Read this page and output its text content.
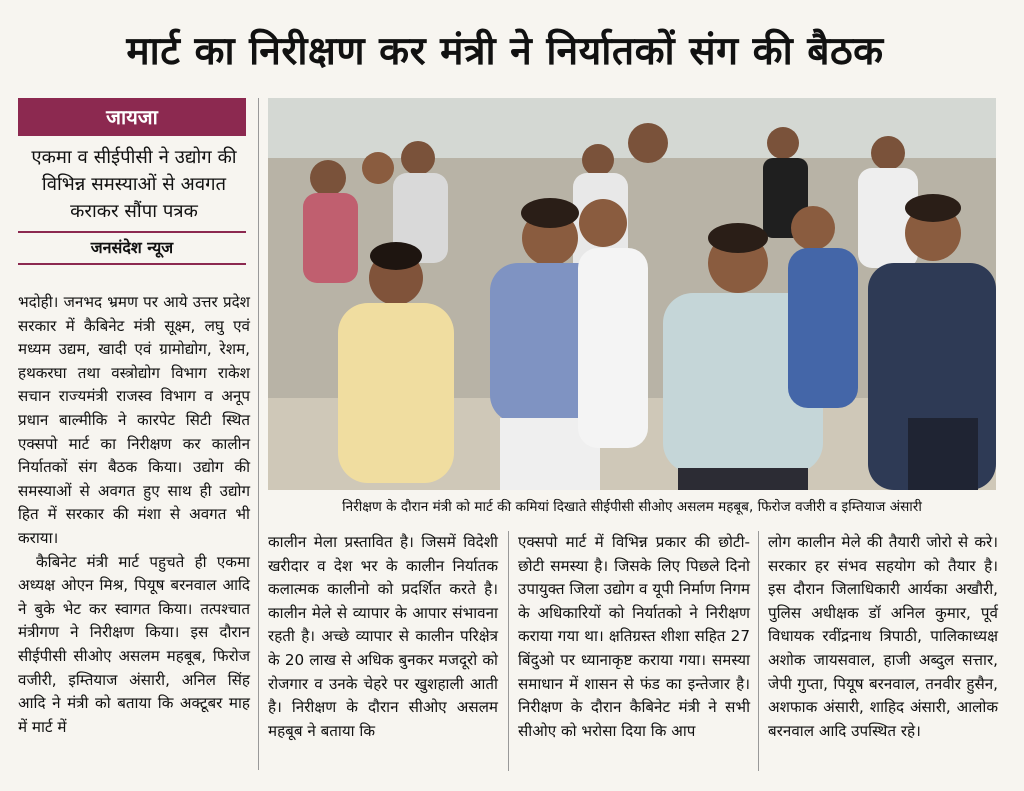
मार्ट का निरीक्षण कर मंत्री ने निर्यातकों संग की बैठक
जायजा
एकमा व सीईपीसी ने उद्योग की विभिन्न समस्याओं से अवगत कराकर सौंपा पत्रक
जनसंदेश न्यूज

भदोही। जनभद भ्रमण पर आये उत्तर प्रदेश सरकार में कैबिनेट मंत्री सूक्ष्म, लघु एवं मध्यम उद्यम, खादी एवं ग्रामोद्योग, रेशम, हथकरघा तथा वस्त्रोद्योग विभाग राकेश सचान राज्यमंत्री राजस्व विभाग व अनूप प्रधान बाल्मीकि ने कारपेट सिटी स्थित एक्सपो मार्ट का निरीक्षण कर कालीन निर्यातकों संग बैठक किया। उद्योग की समस्याओं से अवगत हुए साथ ही उद्योग हित में सरकार की मंशा से अवगत भी कराया।

कैबिनेट मंत्री मार्ट पहुचते ही एकमा अध्यक्ष ओएन मिश्र, पियूष बरनवाल आदि ने बुके भेट कर स्वागत किया। तत्पश्चात मंत्रीगण ने निरीक्षण किया। इस दौरान सीईपीसी सीओए असलम महबूब, फिरोज वजीरी, इम्तियाज अंसारी, अनिल सिंह आदि ने मंत्री को बताया कि अक्टूबर माह में मार्ट में

निरीक्षण के दौरान मंत्री को मार्ट की कमियां दिखाते सीईपीसी सीओए असलम महबूब, फिरोज वजीरी व इम्तियाज अंसारी
कालीन मेला प्रस्तावित है। जिसमें विदेशी खरीदार व देश भर के कालीन निर्यातक कलात्मक कालीनो को प्रदर्शित करते है। कालीन मेले से व्यापार के आपार संभावना रहती है। अच्छे व्यापार से कालीन परिक्षेत्र के 20 लाख से अधिक बुनकर मजदूरो को रोजगार व उनके चेहरे पर खुशहाली आती है। निरीक्षण के दौरान सीओए असलम महबूब ने बताया कि
एक्सपो मार्ट में विभिन्न प्रकार की छोटी-छोटी समस्या है। जिसके लिए पिछले दिनो उपायुक्त जिला उद्योग व यूपी निर्माण निगम के अधिकारियों को निर्यातको ने निरीक्षण कराया गया था। क्षतिग्रस्त शीशा सहित 27 बिंदुओ पर ध्यानाकृष्ट कराया गया। समस्या समाधान में शासन से फंड का इन्तेजार है। निरीक्षण के दौरान कैबिनेट मंत्री ने सभी सीओए को भरोसा दिया कि आप
लोग कालीन मेले की तैयारी जोरो से करे। सरकार हर संभव सहयोग को तैयार है। इस दौरान जिलाधिकारी आर्यका अखौरी, पुलिस अधीक्षक डॉ अनिल कुमार, पूर्व विधायक रवींद्रनाथ त्रिपाठी, पालिकाध्यक्ष अशोक जायसवाल, हाजी अब्दुल सत्तार, जेपी गुप्ता, पियूष बरनवाल, तनवीर हुसैन, अशफाक अंसारी, शाहिद अंसारी, आलोक बरनवाल आदि उपस्थित रहे।
